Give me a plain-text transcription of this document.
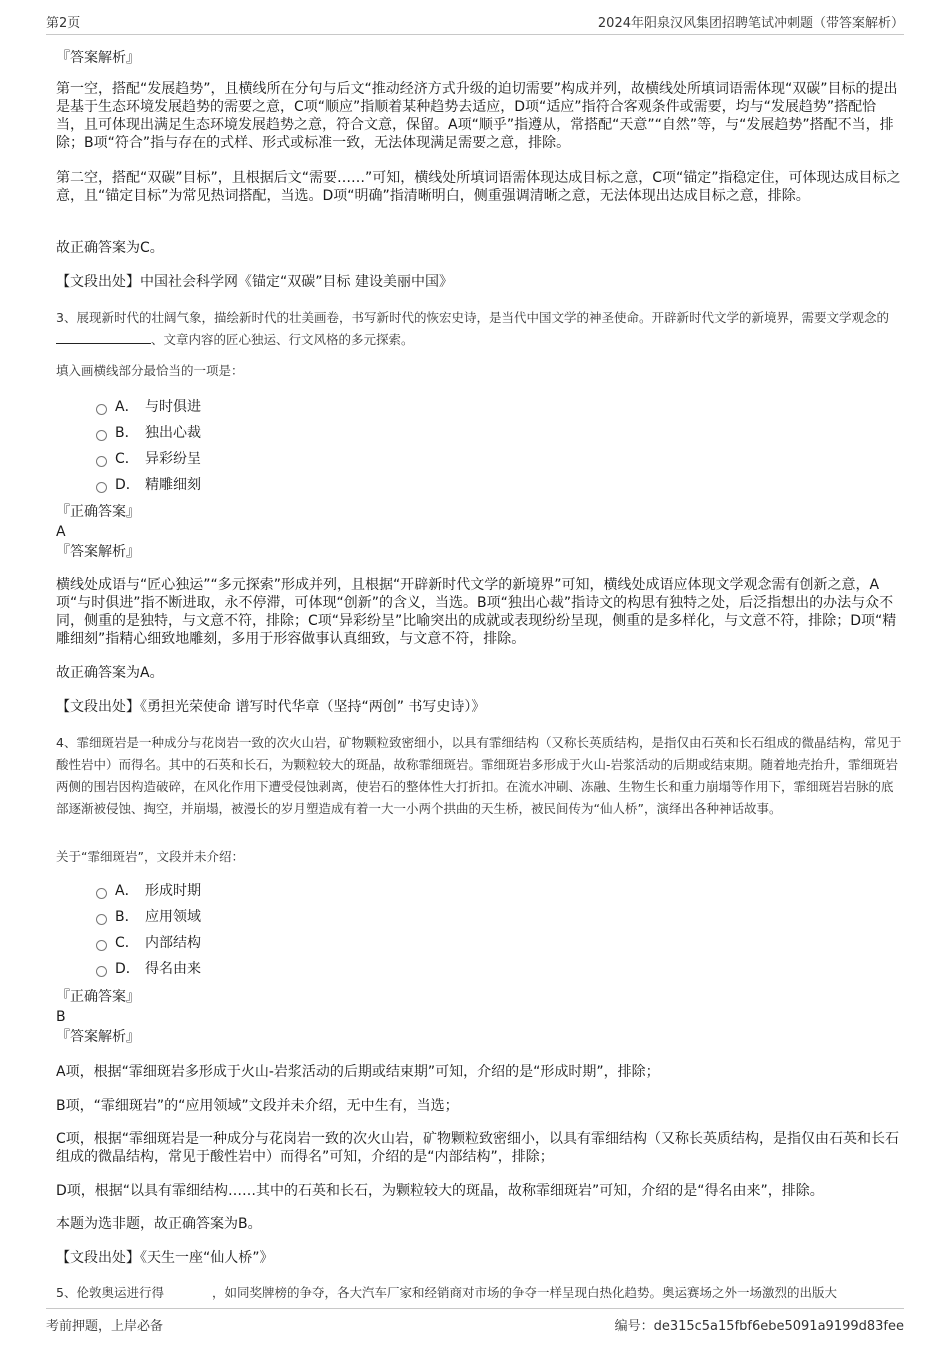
第2页	2024年阳泉汉风集团招聘笔试冲刺题（带答案解析）

『答案解析』

第一空，搭配“发展趋势”，且横线所在分句与后文“推动经济方式升级的迫切需要”构成并列，故横线处所填词语需体现“双碳”目标的提出是基于生态环境发展趋势的需要之意，C项“顺应”指顺着某种趋势去适应，D项“适应”指符合客观条件或需要，均与“发展趋势”搭配恰当，且可体现出满足生态环境发展趋势之意，符合文意，保留。A项“顺乎”指遵从，常搭配“天意”“自然”等，与“发展趋势”搭配不当，排除；B项“符合”指与存在的式样、形式或标准一致，无法体现满足需要之意，排除。

第二空，搭配“双碳”目标”，且根据后文“需要……”可知，横线处所填词语需体现达成目标之意，C项“锚定”指稳定住，可体现达成目标之意，且“锚定目标”为常见热词搭配，当选。D项“明确”指清晰明白，侧重强调清晰之意，无法体现出达成目标之意，排除。

故正确答案为C。

【文段出处】中国社会科学网《锚定“双碳”目标 建设美丽中国》

3、展现新时代的壮阔气象，描绘新时代的壮美画卷，书写新时代的恢宏史诗，是当代中国文学的神圣使命。开辟新时代文学的新境界，需要文学观念的、文章内容的匠心独运、行文风格的多元探索。

填入画横线部分最恰当的一项是：

A． 与时俱进
B． 独出心裁
C． 异彩纷呈
D． 精雕细刻

『正确答案』

A

『答案解析』

横线处成语与“匠心独运”“多元探索”形成并列，且根据“开辟新时代文学的新境界”可知，横线处成语应体现文学观念需有创新之意，A项“与时俱进”指不断进取，永不停滞，可体现“创新”的含义，当选。B项“独出心裁”指诗文的构思有独特之处，后泛指想出的办法与众不同，侧重的是独特，与文意不符，排除；C项“异彩纷呈”比喻突出的成就或表现纷纷呈现，侧重的是多样化，与文意不符，排除；D项“精雕细刻”指精心细致地雕刻，多用于形容做事认真细致，与文意不符，排除。

故正确答案为A。

【文段出处】《勇担光荣使命 谱写时代华章（坚持“两创” 书写史诗）》

4、霏细斑岩是一种成分与花岗岩一致的次火山岩，矿物颗粒致密细小，以具有霏细结构（又称长英质结构，是指仅由石英和长石组成的微晶结构，常见于酸性岩中）而得名。其中的石英和长石，为颗粒较大的斑晶，故称霏细斑岩。霏细斑岩多形成于火山-岩浆活动的后期或结束期。随着地壳抬升，霏细斑岩两侧的围岩因构造破碎，在风化作用下遭受侵蚀剥离，使岩石的整体性大打折扣。在流水冲刷、冻融、生物生长和重力崩塌等作用下，霏细斑岩岩脉的底部逐渐被侵蚀、掏空，并崩塌，被漫长的岁月塑造成有着一大一小两个拱曲的天生桥，被民间传为“仙人桥”，演绎出各种神话故事。

关于“霏细斑岩”，文段并未介绍：

A． 形成时期
B． 应用领域
C． 内部结构
D． 得名由来

『正确答案』

B

『答案解析』

A项，根据“霏细斑岩多形成于火山-岩浆活动的后期或结束期”可知，介绍的是“形成时期”，排除；

B项，“霏细斑岩”的“应用领域”文段并未介绍，无中生有，当选；

C项，根据“霏细斑岩是一种成分与花岗岩一致的次火山岩，矿物颗粒致密细小，以具有霏细结构（又称长英质结构，是指仅由石英和长石组成的微晶结构，常见于酸性岩中）而得名”可知，介绍的是“内部结构”，排除；

D项，根据“以具有霏细结构……其中的石英和长石，为颗粒较大的斑晶，故称霏细斑岩”可知，介绍的是“得名由来”，排除。

本题为选非题，故正确答案为B。

【文段出处】《天生一座“仙人桥”》

5、伦敦奥运进行得	，如同奖牌榜的争夺，各大汽车厂家和经销商对市场的争夺一样呈现白热化趋势。奥运赛场之外一场激烈的出版大

考前押题，上岸必备	编号：de315c5a15fbf6ebe5091a9199d83fee
